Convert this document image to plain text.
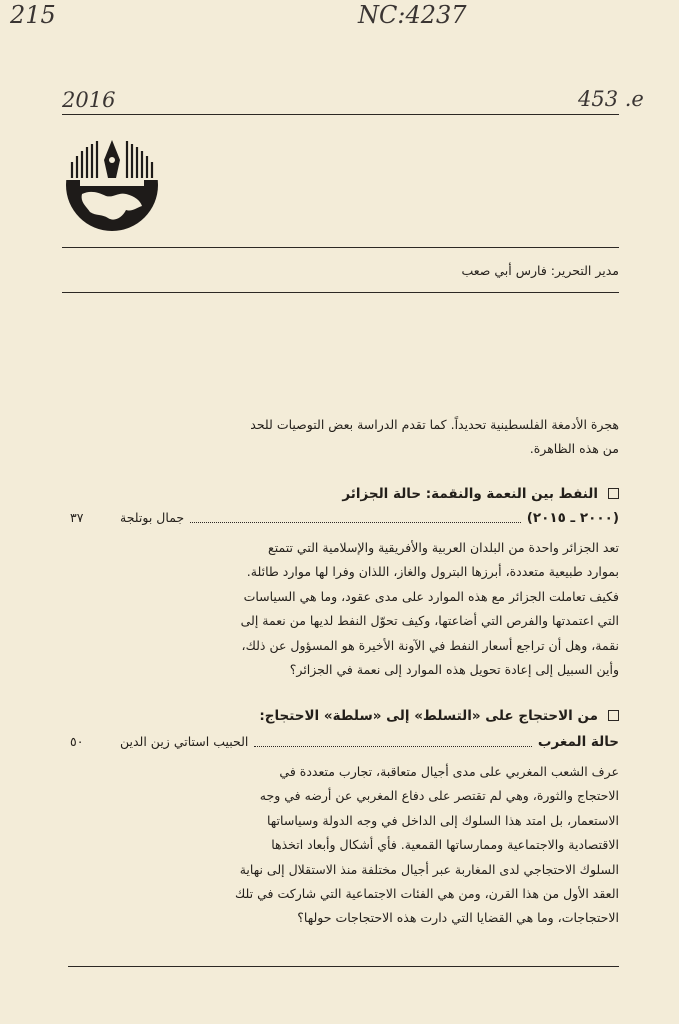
215	NC:4237
2016	453 .e
مدير التحرير: فارس أبي صعب
هجرة الأدمغة الفلسطينية تحديداً. كما تقدم الدراسة بعض التوصيات للحد
من هذه الظاهرة.
النفط بين النعمة والنقمة: حالة الجزائر
٣٧	جمال بوتلجة	(٢٠٠٠ ـ ٢٠١٥)
تعد الجزائر واحدة من البلدان العربية والأفريقية والإسلامية التي تتمتع
بموارد طبيعية متعددة، أبرزها البترول والغاز، اللذان وفرا لها موارد طائلة.
فكيف تعاملت الجزائر مع هذه الموارد على مدى عقود، وما هي السياسات
التي اعتمدتها والفرص التي أضاعتها، وكيف تحوّل النفط لديها من نعمة إلى
نقمة، وهل أن تراجع أسعار النفط في الآونة الأخيرة هو المسؤول عن ذلك،
وأين السبيل إلى إعادة تحويل هذه الموارد إلى نعمة في الجزائر؟
من الاحتجاج على «التسلط» إلى «سلطة» الاحتجاج:
٥٠	الحبيب استاتي زين الدين	حالة المغرب
عرف الشعب المغربي على مدى أجيال متعاقبة، تجارب متعددة في
الاحتجاج والثورة، وهي لم تقتصر على دفاع المغربي عن أرضه في وجه
الاستعمار، بل امتد هذا السلوك إلى الداخل في وجه الدولة وسياساتها
الاقتصادية والاجتماعية وممارساتها القمعية. فأي أشكال وأبعاد اتخذها
السلوك الاحتجاجي لدى المغاربة عبر أجيال مختلفة منذ الاستقلال إلى نهاية
العقد الأول من هذا القرن، ومن هي الفئات الاجتماعية التي شاركت في تلك
الاحتجاجات، وما هي القضايا التي دارت هذه الاحتجاجات حولها؟
